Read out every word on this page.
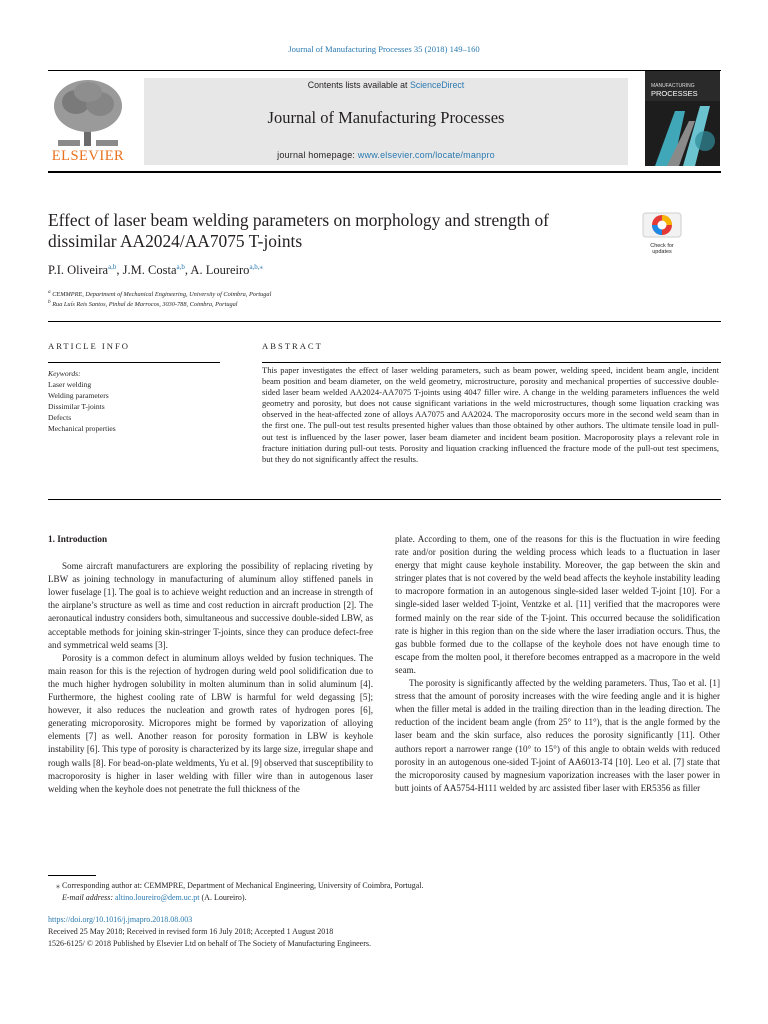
Journal of Manufacturing Processes 35 (2018) 149–160
ELSEVIER
Contents lists available at ScienceDirect
Journal of Manufacturing Processes
journal homepage: www.elsevier.com/locate/manpro
MANUFACTURING
PROCESSES
Effect of laser beam welding parameters on morphology and strength of
dissimilar AA2024/AA7075 T-joints	Check for
updates
P.I. Oliveira$^{a,b}$, J.M. Costa$^{a,b}$, A. Loureiro$^{a,b,⁎}$
$^a$ CEMMPRE, Department of Mechanical Engineering, University of Coimbra, Portugal
$^b$ Rua Luís Reis Santos, Pinhal de Marrocos, 3030-788, Coimbra, Portugal
ARTICLE INFO
Keywords:
Laser welding
Welding parameters
Dissimilar T-joints
Defects
Mechanical properties
ABSTRACT
This paper investigates the effect of laser welding parameters, such as beam power, welding speed, incident beam angle, incident beam position and beam diameter, on the weld geometry, microstructure, porosity and mechanical properties of successive double-sided laser beam welded AA2024-AA7075 T-joints using 4047 filler wire. A change in the welding parameters influences the weld geometry and porosity, but does not cause significant variations in the weld microstructures, though some liquation cracking was observed in the heat-affected zone of alloys AA7075 and AA2024. The macroporosity occurs more in the second weld seam than in the first one. The pull-out test results presented higher values than those obtained by other authors. The ultimate tensile load in pull-out test is influenced by the laser power, laser beam diameter and incident beam position. Macroporosity plays a relevant role in fracture initiation during pull-out tests. Porosity and liquation cracking influenced the fracture mode of the pull-out test specimens, but they do not significantly affect the results.
1. Introduction

Some aircraft manufacturers are exploring the possibility of replacing riveting by LBW as joining technology in manufacturing of aluminum alloy stiffened panels in lower fuselage [1]. The goal is to achieve weight reduction and an increase in strength of the airplane’s structure as well as time and cost reduction in aircraft production [2]. The aeronautical industry considers both, simultaneous and successive double-sided LBW, as acceptable methods for joining skin-stringer T-joints, since they can produce defect-free and symmetrical weld seams [3].

Porosity is a common defect in aluminum alloys welded by fusion techniques. The main reason for this is the rejection of hydrogen during weld pool solidification due to the much higher hydrogen solubility in molten aluminum than in solid aluminum [4]. Furthermore, the highest cooling rate of LBW is harmful for weld degassing [5]; however, it also reduces the nucleation and growth rates of hydrogen pores [6], generating microporosity. Micropores might be formed by vaporization of alloying elements [7] as well. Another reason for porosity formation in LBW is keyhole instability [6]. This type of porosity is characterized by its large size, irregular shape and rough walls [8]. For bead-on-plate weldments, Yu et al. [9] observed that susceptibility to macroporosity is higher in laser welding with filler wire than in autogenous laser welding when the keyhole does not penetrate the full thickness of the

plate. According to them, one of the reasons for this is the fluctuation in wire feeding rate and/or position during the welding process which leads to a fluctuation in laser energy that might cause keyhole instability. Moreover, the gap between the skin and stringer plates that is not covered by the weld bead affects the keyhole instability leading to macropore formation in an autogenous single-sided laser welded T-joint [10]. For a single-sided laser welded T-joint, Ventzke et al. [11] verified that the macropores were formed mainly on the rear side of the T-joint. This occurred because the solidification rate is higher in this region than on the side where the laser irradiation occurs. Thus, the gas bubble formed due to the collapse of the keyhole does not have enough time to escape from the molten pool, it therefore becomes entrapped as a macropore in the weld seam.

The porosity is significantly affected by the welding parameters. Thus, Tao et al. [1] stress that the amount of porosity increases with the wire feeding angle and it is higher when the filler metal is added in the trailing direction than in the leading direction. The reduction of the incident beam angle (from 25° to 11°), that is the angle formed by the laser beam and the skin surface, also reduces the porosity significantly [11]. Other authors report a narrower range (10° to 15°) of this angle to obtain welds with reduced porosity in an autogenous one-sided T-joint of AA6013-T4 [10]. Leo et al. [7] state that the microporosity caused by magnesium vaporization increases with the laser power in butt joints of AA5754-H111 welded by arc assisted fiber laser with ER5356 as filler

⁎ Corresponding author at: CEMMPRE, Department of Mechanical Engineering, University of Coimbra, Portugal.
E-mail address: altino.loureiro@dem.uc.pt (A. Loureiro).
https://doi.org/10.1016/j.jmapro.2018.08.003
Received 25 May 2018; Received in revised form 16 July 2018; Accepted 1 August 2018
1526-6125/ © 2018 Published by Elsevier Ltd on behalf of The Society of Manufacturing Engineers.
